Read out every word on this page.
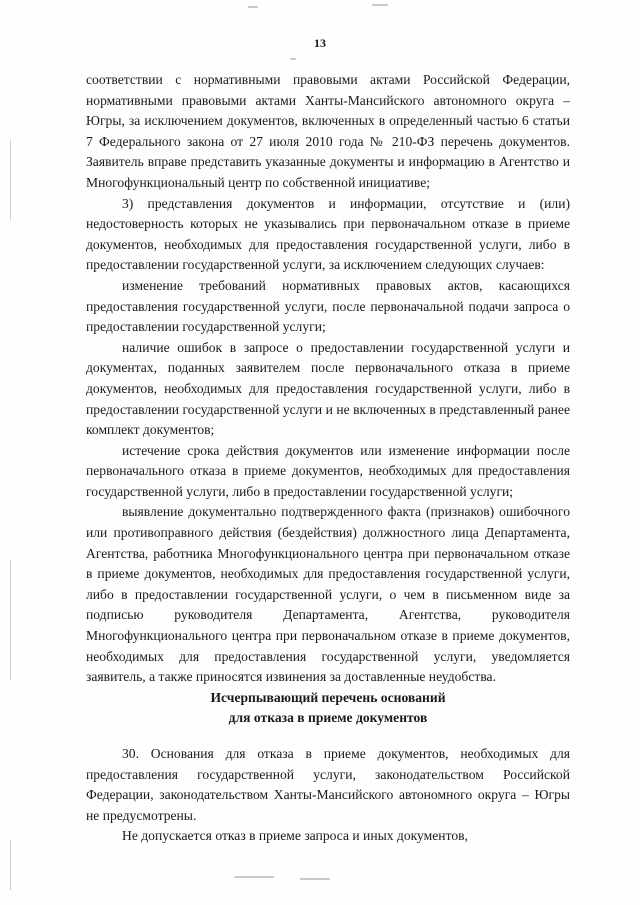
13

соответствии с нормативными правовыми актами Российской Федерации, нормативными правовыми актами Ханты-Мансийского автономного округа – Югры, за исключением документов, включенных в определенный частью 6 статьи 7 Федерального закона от 27 июля 2010 года № 210-ФЗ перечень документов. Заявитель вправе представить указанные документы и информацию в Агентство и Многофункциональный центр по собственной инициативе;

3) представления документов и информации, отсутствие и (или) недостоверность которых не указывались при первоначальном отказе в приеме документов, необходимых для предоставления государственной услуги, либо в предоставлении государственной услуги, за исключением следующих случаев:

изменение требований нормативных правовых актов, касающихся предоставления государственной услуги, после первоначальной подачи запроса о предоставлении государственной услуги;

наличие ошибок в запросе о предоставлении государственной услуги и документах, поданных заявителем после первоначального отказа в приеме документов, необходимых для предоставления государственной услуги, либо в предоставлении государственной услуги и не включенных в представленный ранее комплект документов;

истечение срока действия документов или изменение информации после первоначального отказа в приеме документов, необходимых для предоставления государственной услуги, либо в предоставлении государственной услуги;

выявление документально подтвержденного факта (признаков) ошибочного или противоправного действия (бездействия) должностного лица Департамента, Агентства, работника Многофункционального центра при первоначальном отказе в приеме документов, необходимых для предоставления государственной услуги, либо в предоставлении государственной услуги, о чем в письменном виде за подписью руководителя Департамента, Агентства, руководителя Многофункционального центра при первоначальном отказе в приеме документов, необходимых для предоставления государственной услуги, уведомляется заявитель, а также приносятся извинения за доставленные неудобства.

Исчерпывающий перечень оснований

для отказа в приеме документов

30. Основания для отказа в приеме документов, необходимых для предоставления государственной услуги, законодательством Российской Федерации, законодательством Ханты-Мансийского автономного округа – Югры не предусмотрены.

Не допускается отказ в приеме запроса и иных документов,
